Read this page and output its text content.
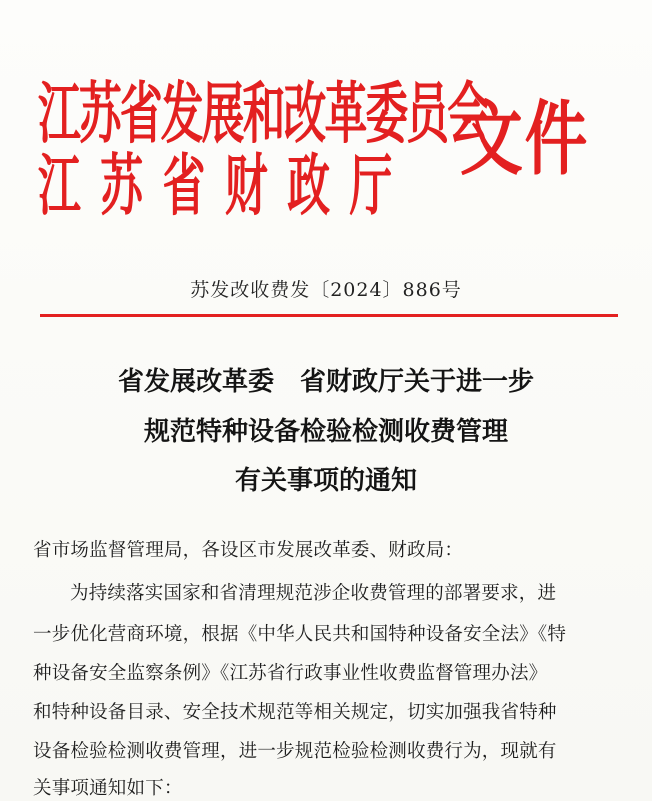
江苏省发展和改革委员会
江苏省财政厅 文件
苏发改收费发〔2024〕886号
省发展改革委　省财政厅关于进一步
规范特种设备检验检测收费管理
有关事项的通知
省市场监督管理局，各设区市发展改革委、财政局：
为持续落实国家和省清理规范涉企收费管理的部署要求，进
一步优化营商环境，根据《中华人民共和国特种设备安全法》《特
种设备安全监察条例》《江苏省行政事业性收费监督管理办法》
和特种设备目录、安全技术规范等相关规定，切实加强我省特种
设备检验检测收费管理，进一步规范检验检测收费行为，现就有
关事项通知如下：
